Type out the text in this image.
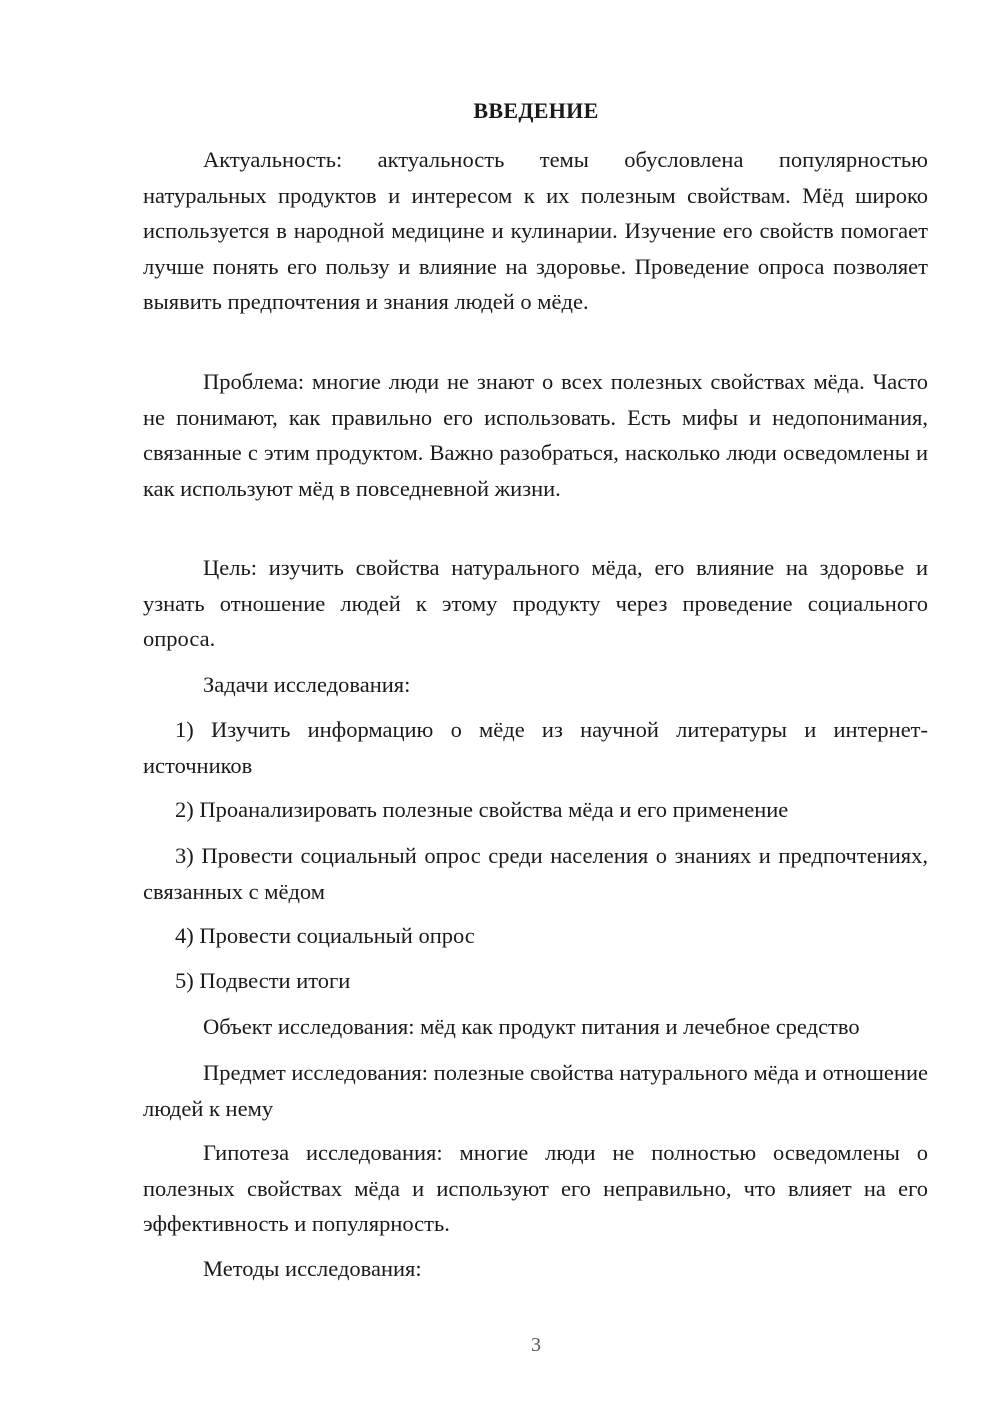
ВВЕДЕНИЕ

Актуальность: актуальность темы обусловлена популярностью натуральных продуктов и интересом к их полезным свойствам. Мёд широко используется в народной медицине и кулинарии. Изучение его свойств помогает лучше понять его пользу и влияние на здоровье. Проведение опроса позволяет выявить предпочтения и знания людей о мёде.

Проблема: многие люди не знают о всех полезных свойствах мёда. Часто не понимают, как правильно его использовать. Есть мифы и недопонимания, связанные с этим продуктом. Важно разобраться, насколько люди осведомлены и как используют мёд в повседневной жизни.

Цель: изучить свойства натурального мёда, его влияние на здоровье и узнать отношение людей к этому продукту через проведение социального опроса.

Задачи исследования:

1) Изучить информацию о мёде из научной литературы и интернет-источников

2) Проанализировать полезные свойства мёда и его применение

3) Провести социальный опрос среди населения о знаниях и предпочтениях, связанных с мёдом

4) Провести социальный опрос

5) Подвести итоги

Объект исследования: мёд как продукт питания и лечебное средство

Предмет исследования: полезные свойства натурального мёда и отношение людей к нему

Гипотеза исследования: многие люди не полностью осведомлены о полезных свойствах мёда и используют его неправильно, что влияет на его эффективность и популярность.

Методы исследования:

3
